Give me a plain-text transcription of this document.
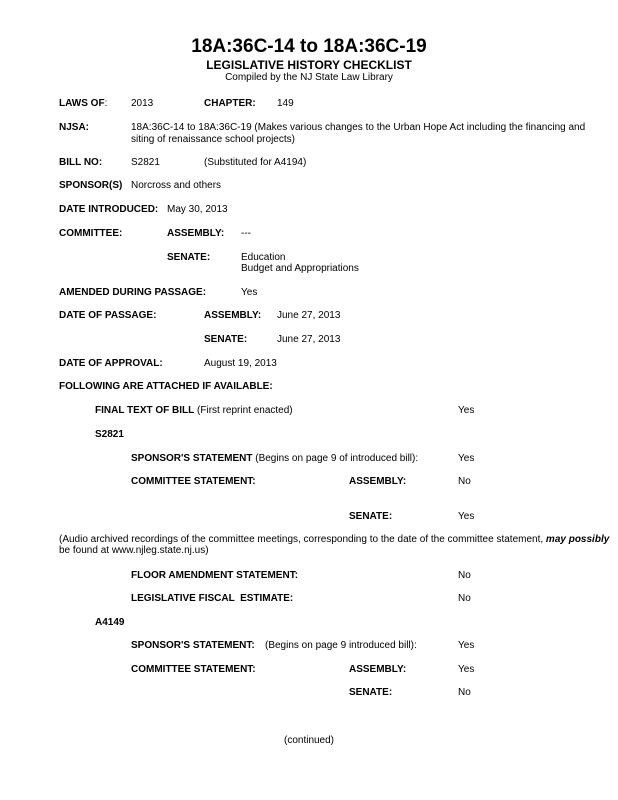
18A:36C-14 to 18A:36C-19
LEGISLATIVE HISTORY CHECKLIST
Compiled by the NJ State Law Library
LAWS OF: 2013	CHAPTER: 149
NJSA:	18A:36C-14 to 18A:36C-19 (Makes various changes to the Urban Hope Act including the financing and siting of renaissance school projects)
BILL NO:	S2821	(Substituted for A4194)
SPONSOR(S) Norcross and others
DATE INTRODUCED: May 30, 2013
COMMITTEE:	ASSEMBLY: ---
SENATE:	Education
Budget and Appropriations
AMENDED DURING PASSAGE:	Yes
DATE OF PASSAGE:	ASSEMBLY: June 27, 2013
SENATE:	June 27, 2013
DATE OF APPROVAL:	August 19, 2013
FOLLOWING ARE ATTACHED IF AVAILABLE:
FINAL TEXT OF BILL (First reprint enacted)	Yes
S2821
SPONSOR'S STATEMENT (Begins on page 9 of introduced bill):	Yes
COMMITTEE STATEMENT:	ASSEMBLY:	No
SENATE:	Yes
(Audio archived recordings of the committee meetings, corresponding to the date of the committee statement, may possibly
be found at www.njleg.state.nj.us)
FLOOR AMENDMENT STATEMENT:	No
LEGISLATIVE FISCAL  ESTIMATE:	No
A4149
SPONSOR'S STATEMENT: (Begins on page 9 introduced bill):	Yes
COMMITTEE STATEMENT:	ASSEMBLY:	Yes
SENATE:	No
(continued)
